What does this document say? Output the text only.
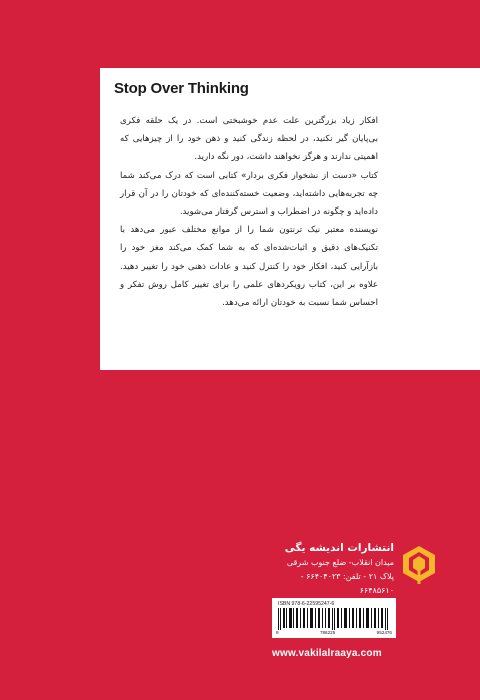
Stop Over Thinking

افکار زیاد بزرگترین علت عدم خوشبختی است. در یک حلقه فکری بی‌پایان گیر نکنید، در لحظه زندگی کنید و ذهن خود را از چیزهایی که اهمیتی ندارند و هرگز نخواهند داشت، دور نگه دارید.

کتاب «دست از نشخوار فکری بردار» کتابی است که درک می‌کند شما چه تجربه‌هایی داشته‌اید، وضعیت خسته‌کننده‌ای که خودتان را در آن قرار داده‌اید و چگونه در اضطراب و استرس گرفتار می‌شوید.

نویسنده معتبر نیک ترنتون شما را از موانع مختلف عبور می‌دهد با تکنیک‌های دقیق و اثبات‌شده‌ای که به شما کمک می‌کند مغز خود را بازآرایی کنید، افکار خود را کنترل کنید و عادات ذهنی خود را تغییر دهید. علاوه بر این، کتاب رویکردهای علمی را برای تغییر کامل روش تفکر و احساس شما نسبت به خودتان ارائه می‌دهد.

انتشارات اندیشه یگی
میدان انقلاب- ضلع جنوب شرقی
پلاک ۲۱ - تلفن: ۶۶۴۰۴۰۲۳ - ۶۶۴۸۵۶۱۰
ISBN 978-6-22595247-6
9	786225	952476
www.vakilalraaya.com
